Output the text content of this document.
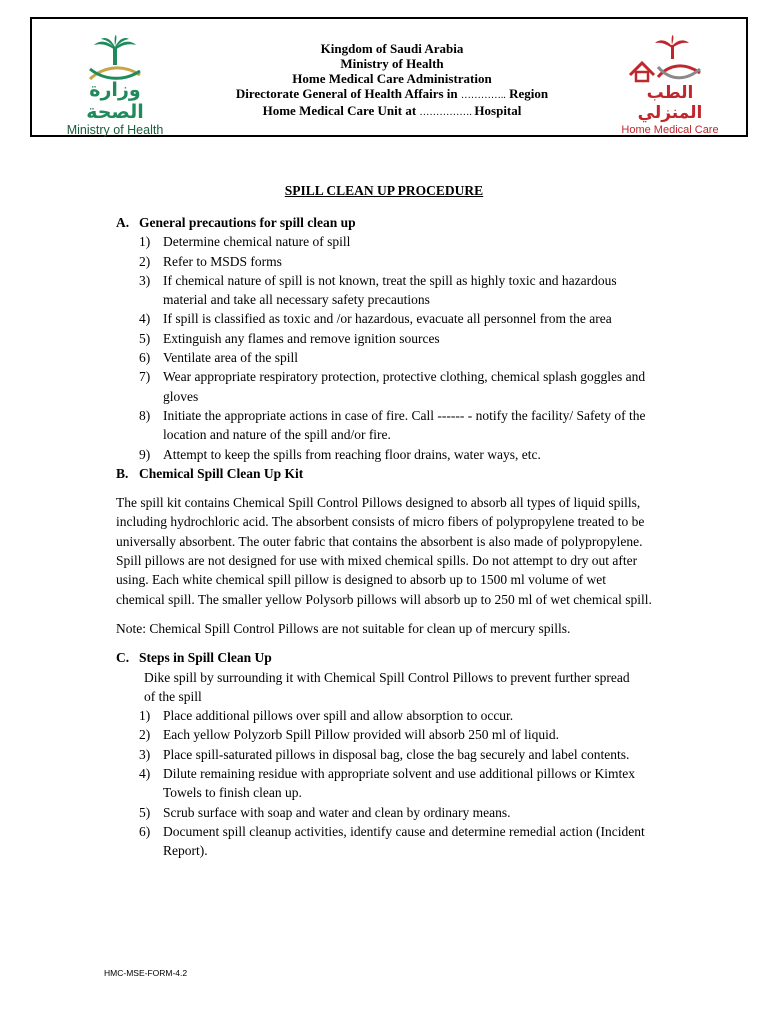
وزارة الصحة
Ministry of Health
Kingdom of Saudi Arabia
Ministry of Health
Home Medical Care Administration
Directorate General of Health Affairs in ………….. Region
Home Medical Care Unit at ……………. Hospital
الطب المنزلي
Home Medical Care
SPILL CLEAN UP PROCEDURE
A. General precautions for spill clean up
1) Determine chemical nature of spill
2) Refer to MSDS forms
3) If chemical nature of spill is not known, treat the spill as highly toxic and hazardous material and take all necessary safety precautions
4) If spill is classified as toxic and /or hazardous, evacuate all personnel from the area
5) Extinguish any flames and remove ignition sources
6) Ventilate area of the spill
7) Wear appropriate respiratory protection, protective clothing, chemical splash goggles and gloves
8) Initiate the appropriate actions in case of fire. Call ------ - notify the facility/ Safety of the location and nature of the spill and/or fire.
9) Attempt to keep the spills from reaching floor drains, water ways, etc.
B. Chemical Spill Clean Up Kit

The spill kit contains Chemical Spill Control Pillows designed to absorb all types of liquid spills, including hydrochloric acid. The absorbent consists of micro fibers of polypropylene treated to be universally absorbent. The outer fabric that contains the absorbent is also made of polypropylene. Spill pillows are not designed for use with mixed chemical spills. Do not attempt to dry out after using. Each white chemical spill pillow is designed to absorb up to 1500 ml volume of wet chemical spill. The smaller yellow Polysorb pillows will absorb up to 250 ml of wet chemical spill.

Note: Chemical Spill Control Pillows are not suitable for clean up of mercury spills.

C. Steps in Spill Clean Up
Dike spill by surrounding it with Chemical Spill Control Pillows to prevent further spread of the spill
1) Place additional pillows over spill and allow absorption to occur.
2) Each yellow Polyzorb Spill Pillow provided will absorb 250 ml of liquid.
3) Place spill-saturated pillows in disposal bag, close the bag securely and label contents.
4) Dilute remaining residue with appropriate solvent and use additional pillows or Kimtex Towels to finish clean up.
5) Scrub surface with soap and water and clean by ordinary means.
6) Document spill cleanup activities, identify cause and determine remedial action (Incident Report).
HMC-MSE-FORM-4.2
